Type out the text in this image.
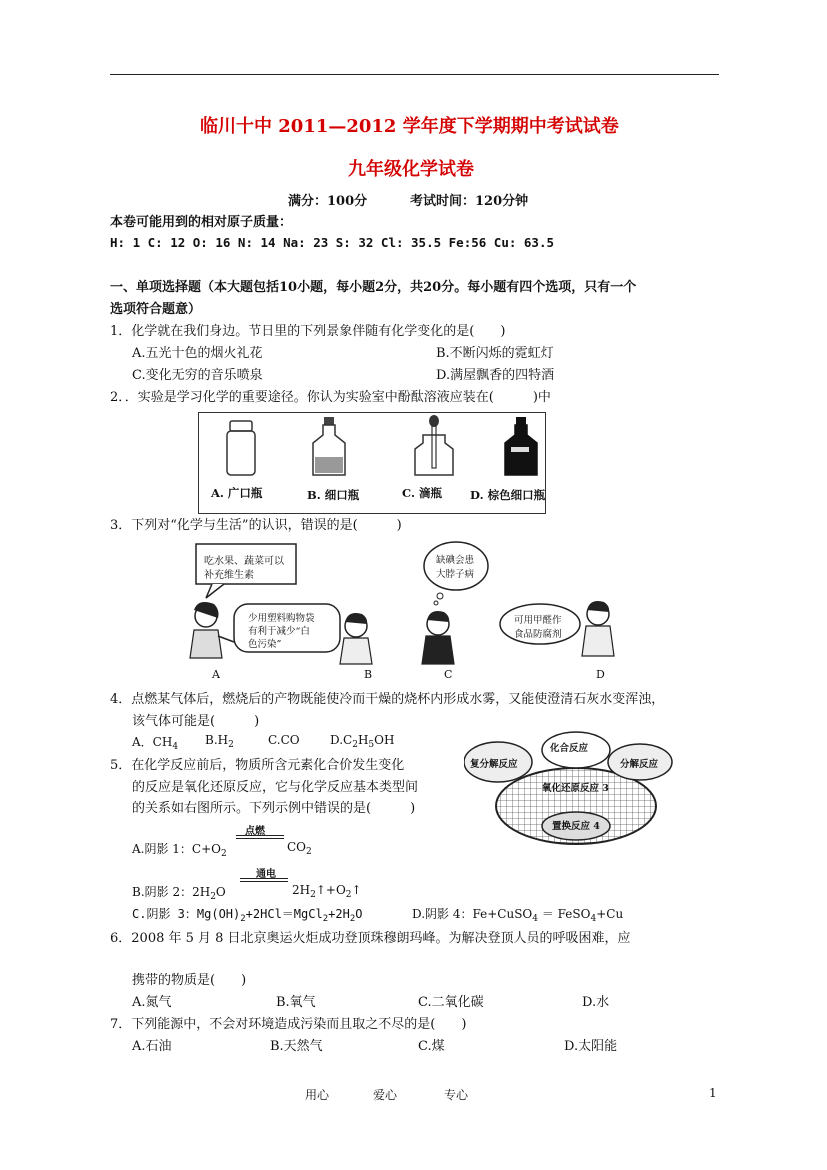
临川十中 2011—2012 学年度下学期期中考试试卷
九年级化学试卷
满分：100分	考试时间：120分钟
本卷可能用到的相对原子质量：
H: 1 C: 12 O: 16 N: 14 Na: 23 S: 32 Cl: 35.5 Fe:56 Cu: 63.5
一、单项选择题（本大题包括10小题，每小题2分，共20分。每小题有四个选项，只有一个
选项符合题意）
1．化学就在我们身边。节日里的下列景象伴随有化学变化的是(　　)
A.五光十色的烟火礼花	B.不断闪烁的霓虹灯
C.变化无穷的音乐喷泉	D.满屋飘香的四特酒
2．．实验是学习化学的重要途径。你认为实验室中酚酞溶液应装在(　　　)中
A. 广口瓶	B. 细口瓶	C. 滴瓶 D. 棕色细口瓶
3．下列对“化学与生活”的认识，错误的是(　　　)
吃水果、蔬菜可以
补充维生素
少用塑料购物袋
有利于减少“白
色污染”
缺碘会患
大脖子病
可用甲醛作
食品防腐剂
A	B	C	D
4．点燃某气体后，燃烧后的产物既能使冷而干燥的烧杯内形成水雾，又能使澄清石灰水变浑浊，
该气体可能是(　　　)
A．$CH_4$ $B.H_2$	C.CO	$D.C_2H_5OH$
5．在化学反应前后，物质所含元素化合价发生变化
的反应是氧化还原反应，它与化学反应基本类型间
的关系如右图所示。下列示例中错误的是(　　　)
化合反应
复分解反应	分解反应
氧化还原反应 3
置换反应 4
点燃
A.阴影 1：$C+O_2$	$CO_2$
通电
B.阴影 2：$2H_2O$	$2H_2↑+O_2↑$
C.阴影 3：$Mg(OH)_2+2HCl=MgCl_2+2H_2O$	D.阴影 4：Fe+CuSO$_4$ ＝ FeSO$_4$+Cu
6．2008 年 5 月 8 日北京奥运火炬成功登顶珠穆朗玛峰。为解决登顶人员的呼吸困难，应
携带的物质是(　　)
A.氮气	B.氧气	C.二氧化碳	D.水
7．下列能源中，不会对环境造成污染而且取之不尽的是(　　)
A.石油	B.天然气	C.煤	D.太阳能
用心	爱心	专心	1
